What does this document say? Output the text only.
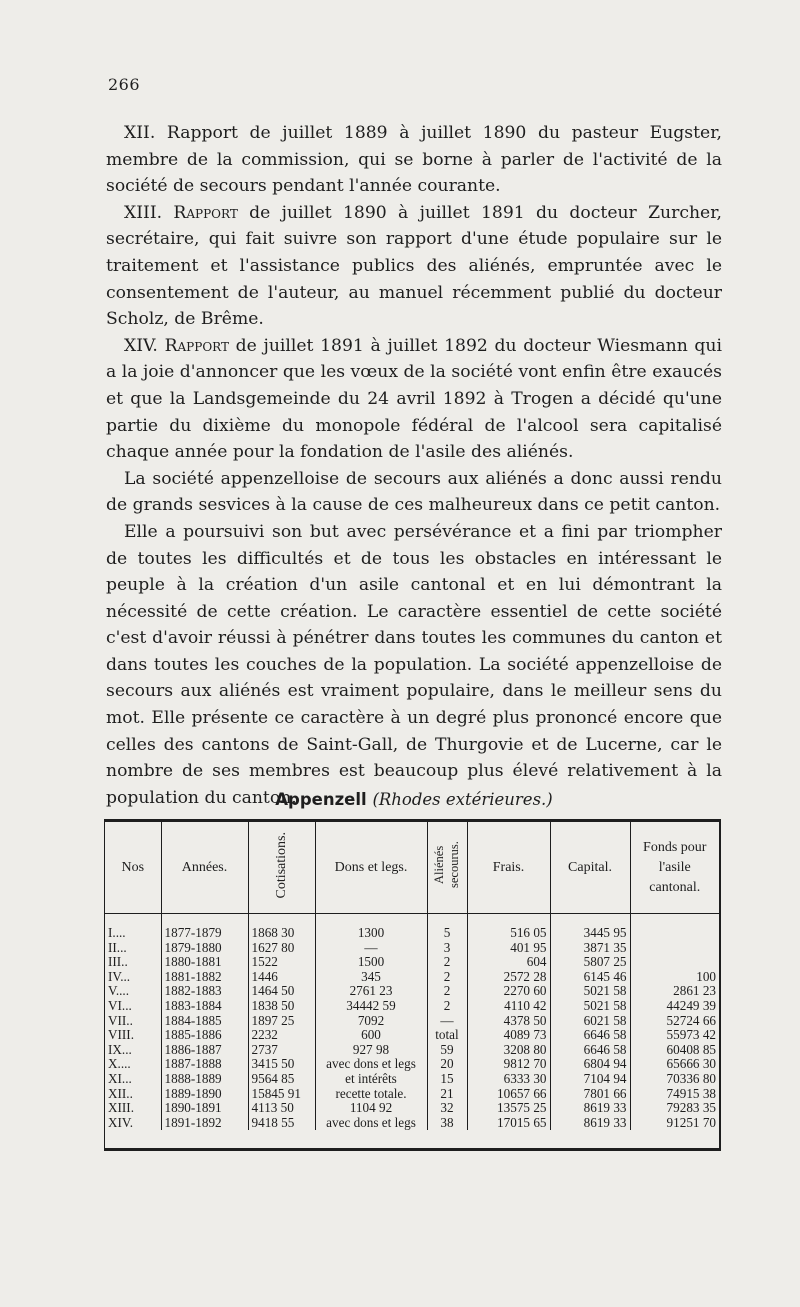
266

XII. Rapport de juillet 1889 à juillet 1890 du pasteur Eugster, membre de la commission, qui se borne à parler de l'activité de la société de secours pendant l'année courante.

XIII. Rapport de juillet 1890 à juillet 1891 du docteur Zurcher, secrétaire, qui fait suivre son rapport d'une étude populaire sur le traitement et l'assistance publics des aliénés, empruntée avec le consentement de l'auteur, au manuel récemment publié du docteur Scholz, de Brême.

XIV. Rapport de juillet 1891 à juillet 1892 du docteur Wiesmann qui a la joie d'annoncer que les vœux de la société vont enfin être exaucés et que la Landsgemeinde du 24 avril 1892 à Trogen a décidé qu'une partie du dixième du monopole fédéral de l'alcool sera capitalisé chaque année pour la fondation de l'asile des aliénés.

La société appenzelloise de secours aux aliénés a donc aussi rendu de grands sesvices à la cause de ces malheureux dans ce petit canton.

Elle a poursuivi son but avec persévérance et a fini par triompher de toutes les difficultés et de tous les obstacles en intéressant le peuple à la création d'un asile cantonal et en lui démontrant la nécessité de cette création. Le caractère essentiel de cette société c'est d'avoir réussi à pénétrer dans toutes les communes du canton et dans toutes les couches de la population. La société appenzelloise de secours aux aliénés est vraiment populaire, dans le meilleur sens du mot. Elle présente ce caractère à un degré plus prononcé encore que celles des cantons de Saint-Gall, de Thurgovie et de Lucerne, car le nombre de ses membres est beaucoup plus élevé relativement à la population du canton.

Appenzell (Rhodes extérieures.)
Nos	Années.	Cotisations.	Dons et legs.	Aliénés secourus.	Frais.	Capital.	Fonds pour l'asile cantonal.
I....	1877-1879	1868 30	1300	5	516 05	3445 95	
II...	1879-1880	1627 80	—	3	401 95	3871 35	
III..	1880-1881	1522	1500	2	604	5807 25	
IV...	1881-1882	1446	345	2	2572 28	6145 46	100
V....	1882-1883	1464 50	2761 23	2	2270 60	5021 58	2861 23
VI...	1883-1884	1838 50	34442 59	2	4110 42	5021 58	44249 39
VII..	1884-1885	1897 25	7092	—	4378 50	6021 58	52724 66
VIII.	1885-1886	2232	600	total	4089 73	6646 58	55973 42
IX...	1886-1887	2737	927 98	59	3208 80	6646 58	60408 85
X....	1887-1888	3415 50	avec dons et legs	20	9812 70	6804 94	65666 30
XI...	1888-1889	9564 85	et intérêts	15	6333 30	7104 94	70336 80
XII..	1889-1890	15845 91	recette totale.	21	10657 66	7801 66	74915 38
XIII.	1890-1891	4113 50	1104 92	32	13575 25	8619 33	79283 35
XIV.	1891-1892	9418 55	avec dons et legs	38	17015 65	8619 33	91251 70
